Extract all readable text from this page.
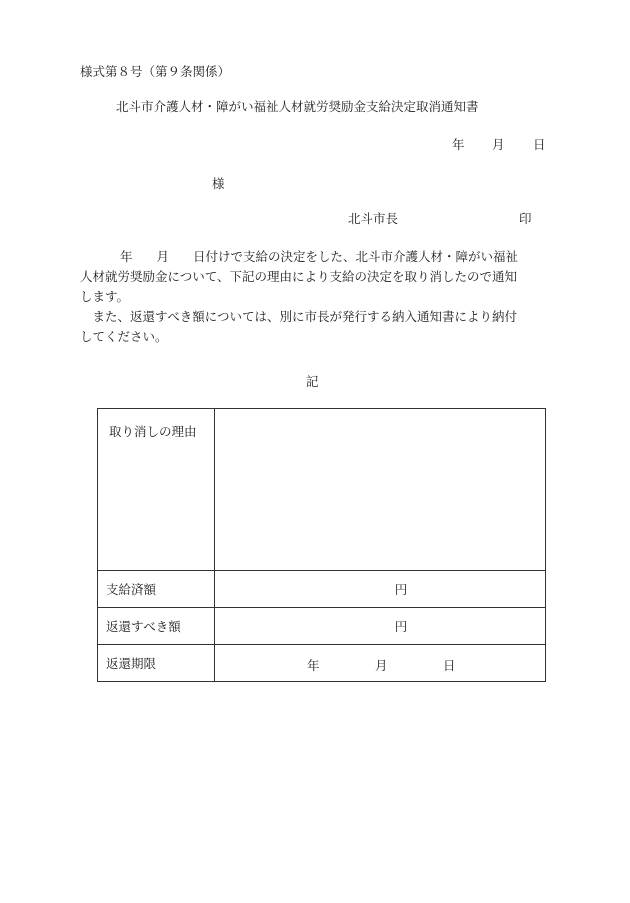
様式第８号（第９条関係）
北斗市介護人材・障がい福祉人材就労奨励金支給決定取消通知書
年 月 日
様
北斗市長	印

年 月 日付けで支給の決定をした、北斗市介護人材・障がい福祉

人材就労奨励金について、下記の理由により支給の決定を取り消したので通知

します。

　また、返還すべき額については、別に市長が発行する納入通知書により納付

してください。

記
取り消しの理由	
支給済額	円
返還すべき額	円
返還期限	年 月 日
